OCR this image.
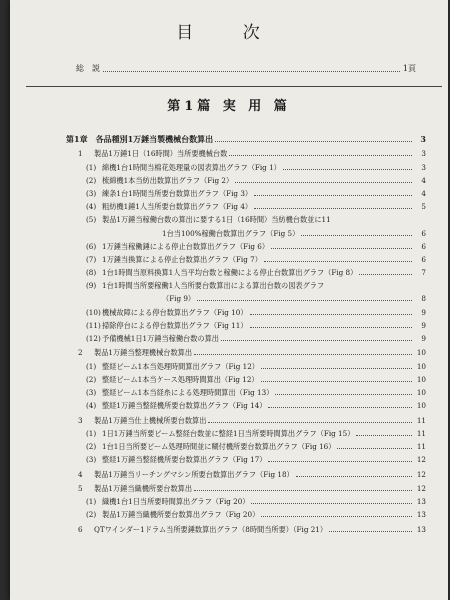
目 次
総　説	1頁
第1篇 実 用 篇
第1章　各品種別1万錘当製機械台数算出	3
1	製品1万錘1日（16時間）当所要機械台数	3
(1) 綿機1台1時間当棉花処理量の図表算出グラフ（Fig 1）	3
(2) 梳綿機1本当紡出数算出グラフ（Fig 2）	4
(3) 練条1台1時間当所要台数算出グラフ（Fig 3）	4
(4) 粗紡機1錘1人当所要台数算出グラフ（Fig 4）	5
(5) 製品1万錘当稼働台数の算出に要する1日（16時間）当紡機台数並に11
1台当100%稼働台数算出グラフ（Fig 5）	6
(6) 1万錘当稼働錘による停止台数算出グラフ（Fig 6）	6
(7) 1万錘当換算による停止台数算出グラフ（Fig 7）	6
(8) 1台1時間当原料換算1人当平均台数と稼働による停止台数算出グラフ（Fig 8）	7
(9) 1台1時間当所要稼働1人当所要台数算出による算出台数の図表グラフ
（Fig 9）	8
(10) 機械故障による停台数算出グラフ（Fig 10）	9
(11) 掃除停台による停台数算出グラフ（Fig 11）	9
(12) 予備機械1日1万錘当稼働台数の算出	9
2	製品1万錘当整理機械台数算出	10
(1) 整経ビーム1本当処理時間算出グラフ（Fig 12）	10
(2) 整経ビーム1本当ケース処理時間算出（Fig 12）	10
(3) 整経ビーム1本当経糸による処理時間算出（Fig 13）	10
(4) 整経1万錘当整経機所要台数算出グラフ（Fig 14）	10
3	製品1万錘当仕上機械所要台数算出	11
(1) 1日1万錘当所要ビーム整経台数並に整経1日当所要時間算出グラフ（Fig 15）	11
(2) 1台1日当所要ビーム処理時間並に糊付機所要台数算出グラフ（Fig 16）	11
(3) 整経1万錘当整経機所要台数算出グラフ（Fig 17）	12
4	製品1万錘当リーチングマシン所要台数算出グラフ（Fig 18）	12
5	製品1万錘当織機所要台数算出	12
(1) 織機1台1日当所要時間算出グラフ（Fig 20）	13
(2) 製品1万錘当織機所要台数算出グラフ（Fig 20）	13
6	QTワインダー1ドラム当所要錘数算出グラフ（8時間当所要）（Fig 21）	13
